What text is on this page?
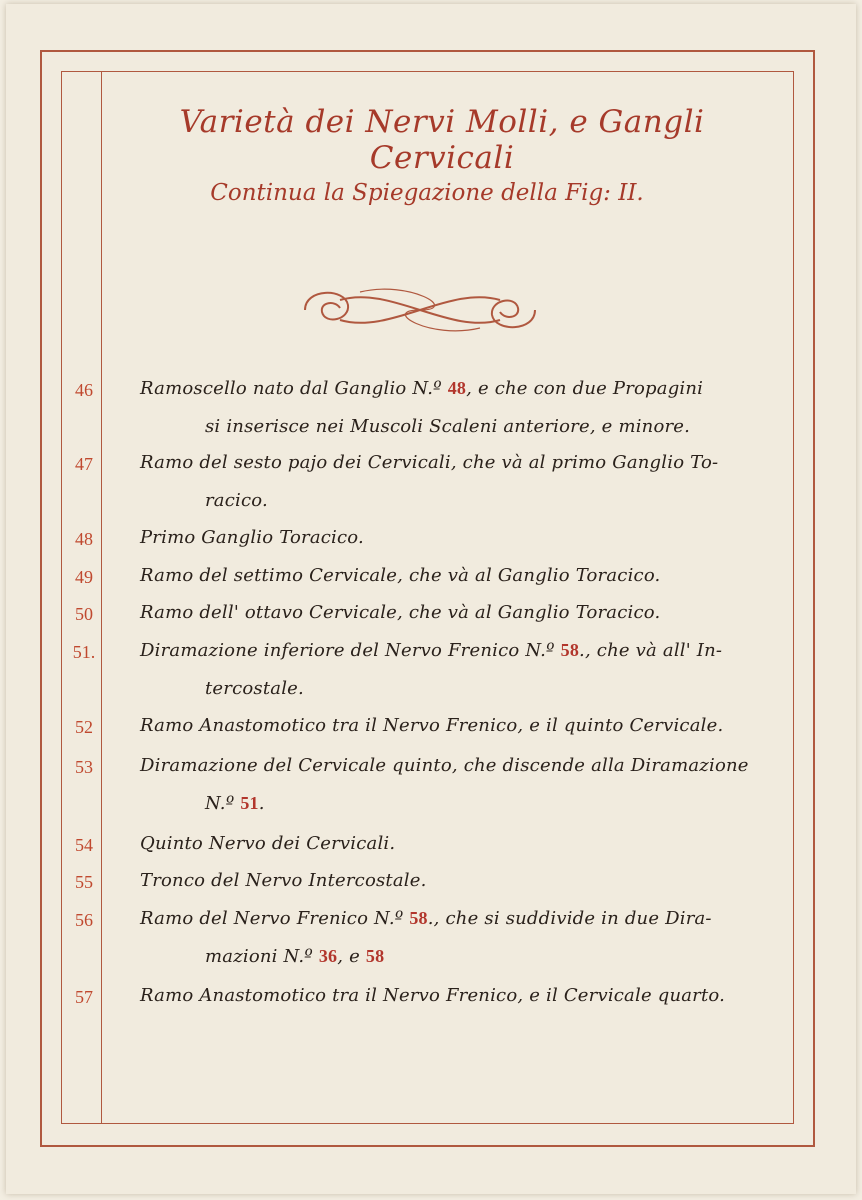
Varietà dei Nervi Molli, e Gangli Cervicali
Continua la Spiegazione della Fig: II.
46	Ramoscello nato dal Ganglio N.º 48, e che con due Propagini
si inserisce nei Muscoli Scaleni anteriore, e minore.
47	Ramo del sesto pajo dei Cervicali, che và al primo Ganglio To-
racico.
48	Primo Ganglio Toracico.
49	Ramo del settimo Cervicale, che và al Ganglio Toracico.
50	Ramo dell' ottavo Cervicale, che và al Ganglio Toracico.
51. Diramazione inferiore del Nervo Frenico N.º 58., che và all' In-
tercostale.
52	Ramo Anastomotico tra il Nervo Frenico, e il quinto Cervicale.
53	Diramazione del Cervicale quinto, che discende alla Diramazione
N.º 51.
54	Quinto Nervo dei Cervicali.
55	Tronco del Nervo Intercostale.
56	Ramo del Nervo Frenico N.º 58., che si suddivide in due Dira-
mazioni N.º 36, e 58
57	Ramo Anastomotico tra il Nervo Frenico, e il Cervicale quarto.
